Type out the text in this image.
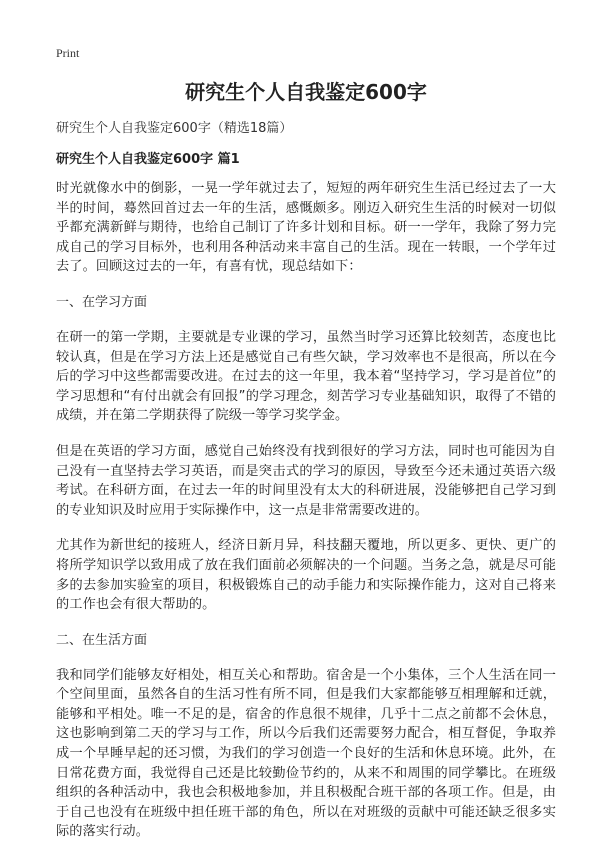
Print
研究生个人自我鉴定600字
研究生个人自我鉴定600字（精选18篇）
研究生个人自我鉴定600字 篇1

时光就像水中的倒影，一晃一学年就过去了，短短的两年研究生生活已经过去了一大半的时间，蓦然回首过去一年的生活，感慨颇多。刚迈入研究生生活的时候对一切似乎都充满新鲜与期待，也给自己制订了许多计划和目标。研一一学年，我除了努力完成自己的学习目标外，也利用各种活动来丰富自己的生活。现在一转眼，一个学年过去了。回顾这过去的一年，有喜有忧，现总结如下：

一、在学习方面

在研一的第一学期，主要就是专业课的学习，虽然当时学习还算比较刻苦，态度也比较认真，但是在学习方法上还是感觉自己有些欠缺，学习效率也不是很高，所以在今后的学习中这些都需要改进。在过去的这一年里，我本着“坚持学习，学习是首位”的学习思想和“有付出就会有回报”的学习理念，刻苦学习专业基础知识，取得了不错的成绩，并在第二学期获得了院级一等学习奖学金。

但是在英语的学习方面，感觉自己始终没有找到很好的学习方法，同时也可能因为自己没有一直坚持去学习英语，而是突击式的学习的原因，导致至今还未通过英语六级考试。在科研方面，在过去一年的时间里没有太大的科研进展，没能够把自己学习到的专业知识及时应用于实际操作中，这一点是非常需要改进的。

尤其作为新世纪的接班人，经济日新月异，科技翻天覆地，所以更多、更快、更广的将所学知识学以致用成了放在我们面前必须解决的一个问题。当务之急，就是尽可能多的去参加实验室的项目，积极锻炼自己的动手能力和实际操作能力，这对自己将来的工作也会有很大帮助的。

二、在生活方面

我和同学们能够友好相处，相互关心和帮助。宿舍是一个小集体，三个人生活在同一个空间里面，虽然各自的生活习性有所不同，但是我们大家都能够互相理解和迁就，能够和平相处。唯一不足的是，宿舍的作息很不规律，几乎十二点之前都不会休息，这也影响到第二天的学习与工作，所以今后我们还需要努力配合，相互督促，争取养成一个早睡早起的还习惯，为我们的学习创造一个良好的生活和休息环境。此外，在日常花费方面，我觉得自己还是比较勤俭节约的，从来不和周围的同学攀比。在班级组织的各种活动中，我也会积极地参加，并且积极配合班干部的各项工作。但是，由于自己也没有在班级中担任班干部的角色，所以在对班级的贡献中可能还缺乏很多实际的落实行动。
